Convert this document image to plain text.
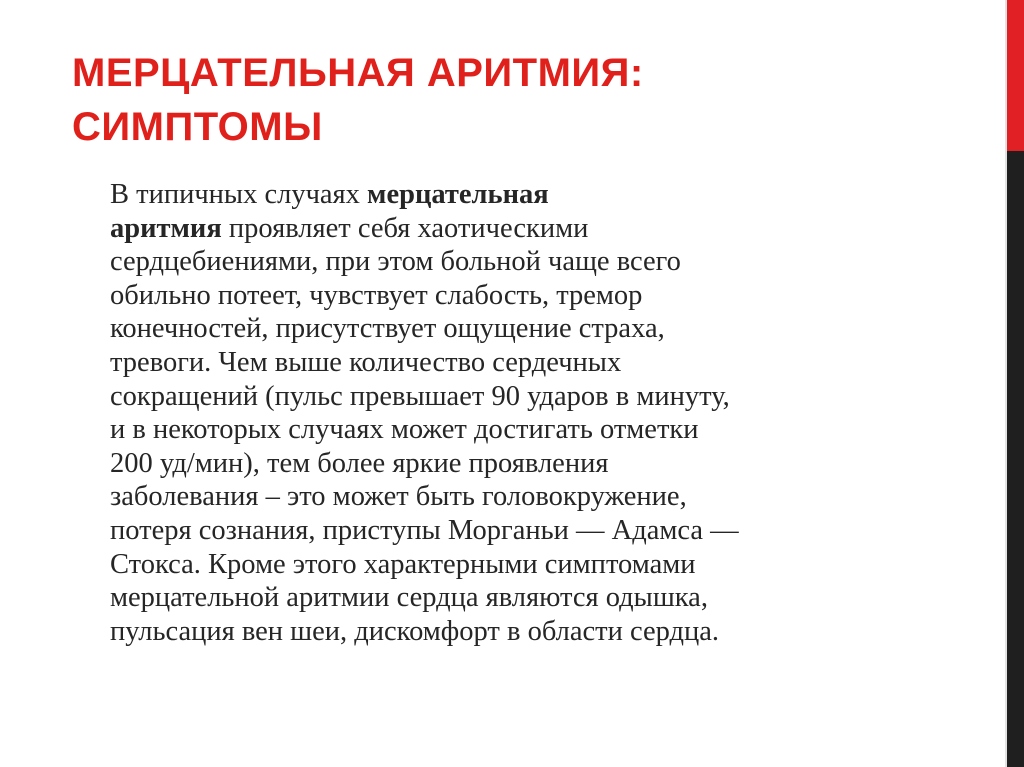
МЕРЦАТЕЛЬНАЯ АРИТМИЯ:
СИМПТОМЫ
В типичных случаях мерцательная
аритмия проявляет себя хаотическими
сердцебиениями, при этом больной чаще всего
обильно потеет, чувствует слабость, тремор
конечностей, присутствует ощущение страха,
тревоги. Чем выше количество сердечных
сокращений (пульс превышает 90 ударов в минуту,
и в некоторых случаях может достигать отметки
200 уд/мин), тем более яркие проявления
заболевания – это может быть головокружение,
потеря сознания, приступы Морганьи — Адамса —
Стокса. Кроме этого характерными симптомами
мерцательной аритмии сердца являются одышка,
пульсация вен шеи, дискомфорт в области сердца.
